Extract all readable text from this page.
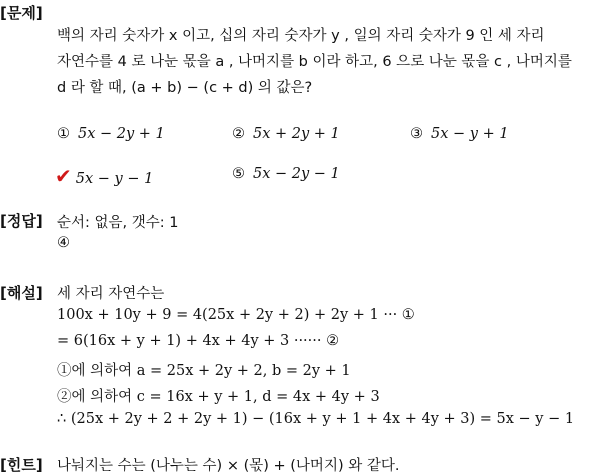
[문제]
백의 자리 숫자가 x 이고, 십의 자리 숫자가 y , 일의 자리 숫자가 9 인 세 자리
자연수를 4 로 나눈 몫을 a , 나머지를 b 이라 하고, 6 으로 나눈 몫을 c , 나머지를
d 라 할 때, (a + b) − (c + d) 의 값은?
① 5x − 2y + 1	② 5x + 2y + 1	③ 5x − y + 1
✔ 5x − y − 1	⑤ 5x − 2y − 1
[정답] 순서: 없음, 갯수: 1
④
[해설] 세 자리 자연수는
100x + 10y + 9 = 4(25x + 2y + 2) + 2y + 1 ··· ①
= 6(16x + y + 1) + 4x + 4y + 3 ······ ②
①에 의하여 a = 25x + 2y + 2, b = 2y + 1
②에 의하여 c = 16x + y + 1, d = 4x + 4y + 3
∴ (25x + 2y + 2 + 2y + 1) − (16x + y + 1 + 4x + 4y + 3) = 5x − y − 1
[힌트] 나눠지는 수는 (나누는 수) × (몫) + (나머지) 와 같다.
